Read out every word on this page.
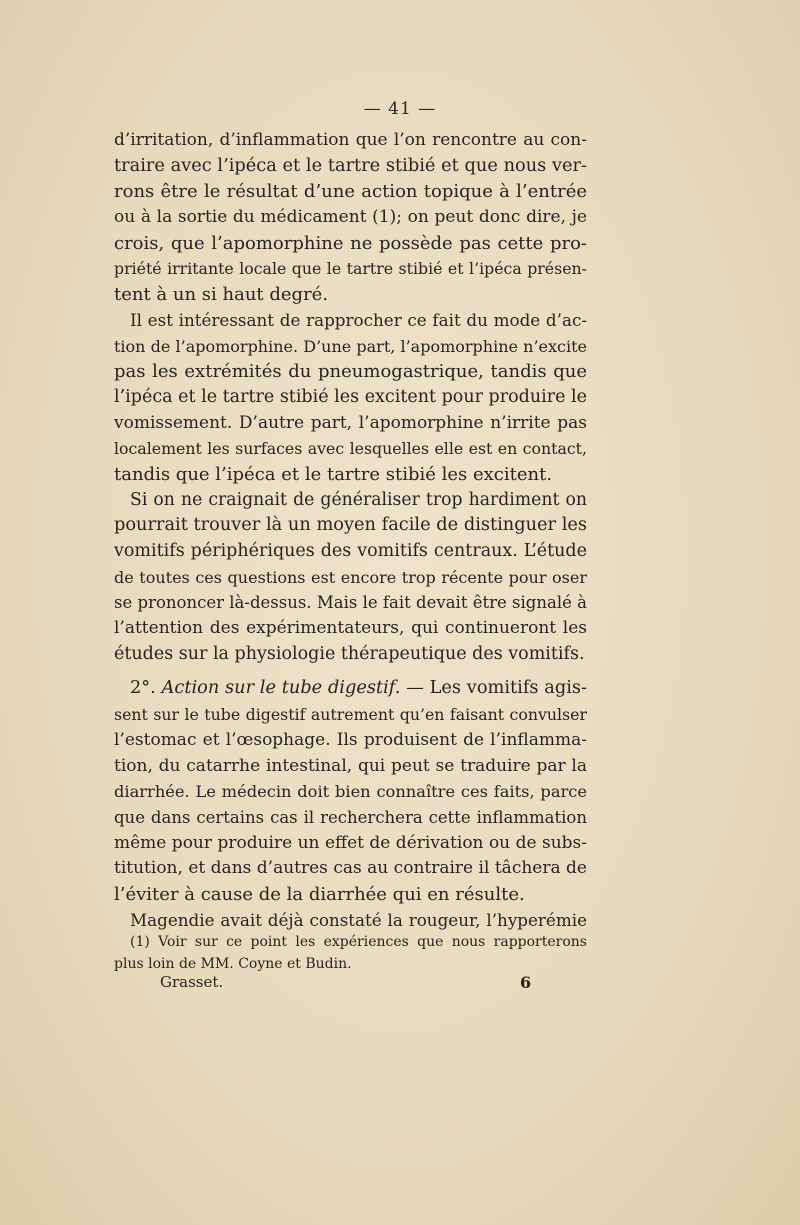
— 41 —
d’irritation, d’inflammation que l’on rencontre au con-
traire avec l’ipéca et le tartre stibié et que nous ver-
rons être le résultat d’une action topique à l’entrée
ou à la sortie du médicament (1); on peut donc dire, je
crois, que l’apomorphine ne possède pas cette pro-
priété irritante locale que le tartre stibié et l’ipéca présen-
tent à un si haut degré.
Il est intéressant de rapprocher ce fait du mode d’ac-
tion de l’apomorphine. D’une part, l’apomorphine n’excite
pas les extrémités du pneumogastrique, tandis que
l’ipéca et le tartre stibié les excitent pour produire le
vomissement. D’autre part, l’apomorphine n’irrite pas
localement les surfaces avec lesquelles elle est en contact,
tandis que l’ipéca et le tartre stibié les excitent.
Si on ne craignait de généraliser trop hardiment on
pourrait trouver là un moyen facile de distinguer les
vomitifs périphériques des vomitifs centraux. L’étude
de toutes ces questions est encore trop récente pour oser
se prononcer là-dessus. Mais le fait devait être signalé à
l’attention des expérimentateurs, qui continueront les
études sur la physiologie thérapeutique des vomitifs.
2°. Action sur le tube digestif. — Les vomitifs agis-
sent sur le tube digestif autrement qu’en faisant convulser
l’estomac et l’œsophage. Ils produisent de l’inflamma-
tion, du catarrhe intestinal, qui peut se traduire par la
diarrhée. Le médecin doit bien connaître ces faits, parce
que dans certains cas il recherchera cette inflammation
même pour produire un effet de dérivation ou de subs-
titution, et dans d’autres cas au contraire il tâchera de
l’éviter à cause de la diarrhée qui en résulte.
Magendie avait déjà constaté la rougeur, l’hyperémie
(1) Voir sur ce point les expériences que nous rapporterons
plus loin de MM. Coyne et Budin.
Grasset.	6
